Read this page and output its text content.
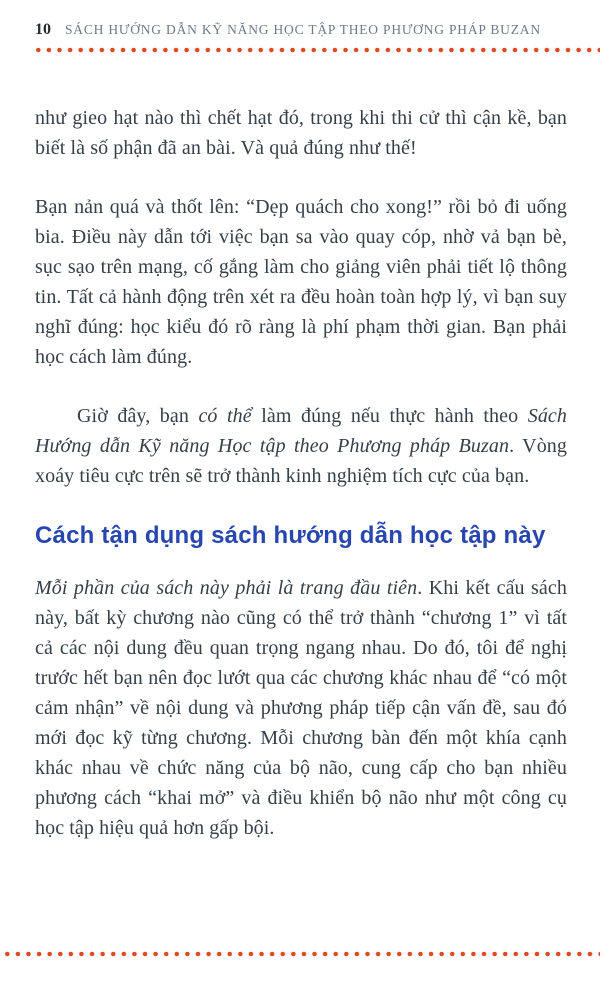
10 SÁCH HƯỚNG DẪN KỸ NĂNG HỌC TẬP THEO PHƯƠNG PHÁP BUZAN

như gieo hạt nào thì chết hạt đó, trong khi thi cử thì cận kề, bạn biết là số phận đã an bài. Và quả đúng như thế!

Bạn nản quá và thốt lên: “Dẹp quách cho xong!” rồi bỏ đi uống bia. Điều này dẫn tới việc bạn sa vào quay cóp, nhờ vả bạn bè, sục sạo trên mạng, cố gắng làm cho giảng viên phải tiết lộ thông tin. Tất cả hành động trên xét ra đều hoàn toàn hợp lý, vì bạn suy nghĩ đúng: học kiểu đó rõ ràng là phí phạm thời gian. Bạn phải học cách làm đúng.

Giờ đây, bạn có thể làm đúng nếu thực hành theo Sách Hướng dẫn Kỹ năng Học tập theo Phương pháp Buzan. Vòng xoáy tiêu cực trên sẽ trở thành kinh nghiệm tích cực của bạn.

Cách tận dụng sách hướng dẫn học tập này

Mỗi phần của sách này phải là trang đầu tiên. Khi kết cấu sách này, bất kỳ chương nào cũng có thể trở thành “chương 1” vì tất cả các nội dung đều quan trọng ngang nhau. Do đó, tôi để nghị trước hết bạn nên đọc lướt qua các chương khác nhau để “có một cảm nhận” về nội dung và phương pháp tiếp cận vấn đề, sau đó mới đọc kỹ từng chương. Mỗi chương bàn đến một khía cạnh khác nhau về chức năng của bộ não, cung cấp cho bạn nhiều phương cách “khai mở” và điều khiển bộ não như một công cụ học tập hiệu quả hơn gấp bội.
